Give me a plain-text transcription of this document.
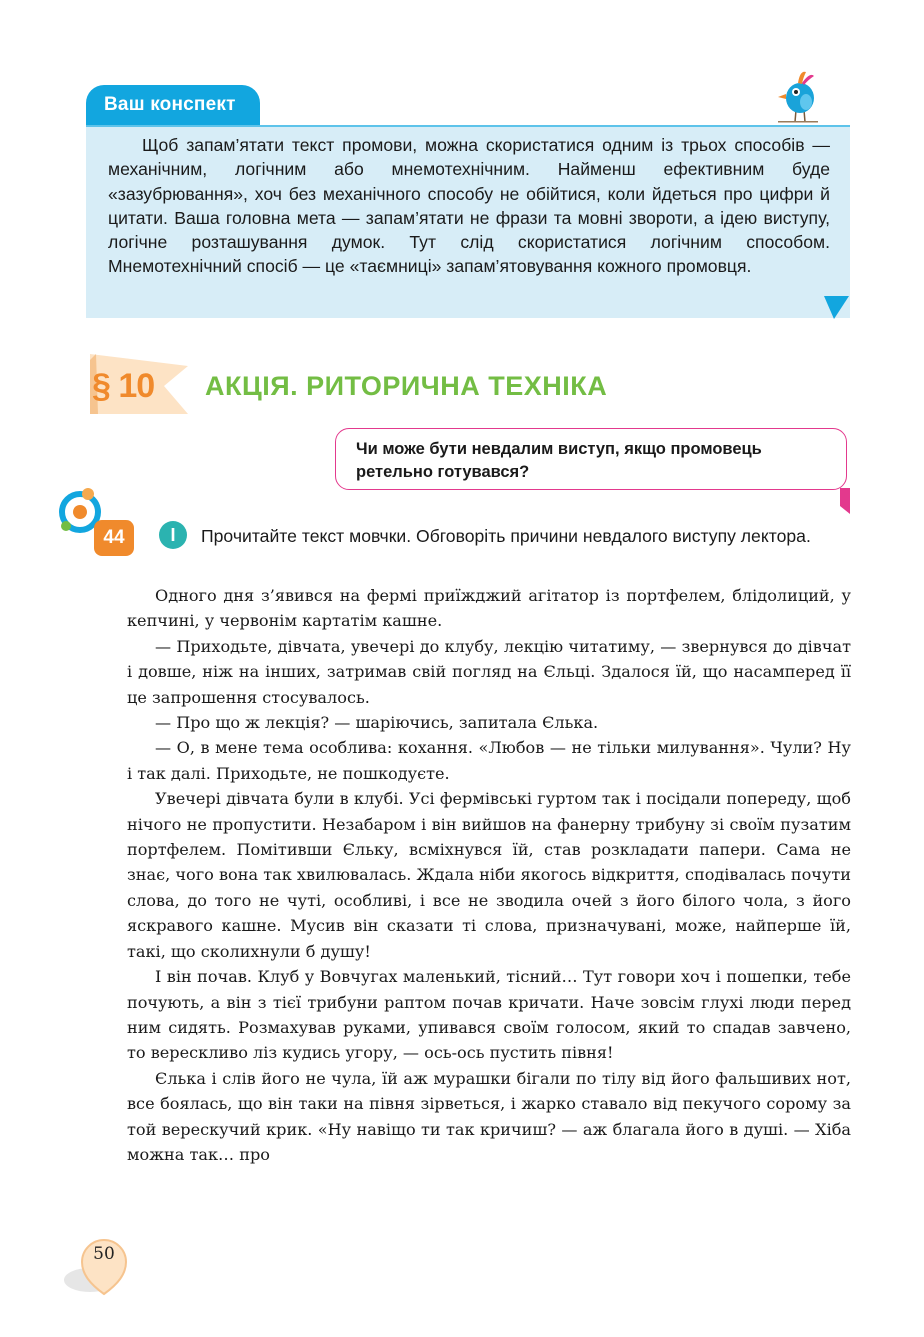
Ваш конспект

Щоб запам’ятати текст промови, можна скористатися одним із трьох способів — механічним, логічним або мнемотехнічним. Найменш ефективним буде «зазубрювання», хоч без механічного способу не обійтися, коли йдеться про цифри й цитати. Ваша головна мета — запам’ятати не фрази та мовні звороти, а ідею виступу, логічне розташування думок. Тут слід скористатися логічним способом. Мнемотехнічний спосіб — це «таємниці» запам’ятовування кожного промовця.

§ 10 АКЦІЯ. РИТОРИЧНА ТЕХНІКА

Чи може бути невдалим виступ, якщо промовець ретельно готувався?

44	І	Прочитайте текст мовчки. Обговоріть причини невдалого виступу лектора.

Одного дня з’явився на фермі приїжджий агітатор із портфелем, блідолиций, у кепчині, у червонім картатім кашне.

— Приходьте, дівчата, увечері до клубу, лекцію читатиму, — звернувся до дівчат і довше, ніж на інших, затримав свій погляд на Єльці. Здалося їй, що насамперед її це запрошення стосувалось.

— Про що ж лекція? — шаріючись, запитала Єлька.

— О, в мене тема особлива: кохання. «Любов — не тільки милування». Чули? Ну і так далі. Приходьте, не пошкодуєте.

Увечері дівчата були в клубі. Усі фермівські гуртом так і посідали попереду, щоб нічого не пропустити. Незабаром і він вийшов на фанерну трибуну зі своїм пузатим портфелем. Помітивши Єльку, всміхнувся їй, став розкладати папери. Сама не знає, чого вона так хвилювалась. Ждала ніби якогось відкриття, сподівалась почути слова, до того не чуті, особливі, і все не зводила очей з його білого чола, з його яскравого кашне. Мусив він сказати ті слова, призначувані, може, найперше їй, такі, що сколихнули б душу!

І він почав. Клуб у Вовчугах маленький, тісний… Тут говори хоч і пошепки, тебе почують, а він з тієї трибуни раптом почав кричати. Наче зовсім глухі люди перед ним сидять. Розмахував руками, упивався своїм голосом, який то спадав завчено, то верескливо ліз кудись угору, — ось-ось пустить півня!

Єлька і слів його не чула, їй аж мурашки бігали по тілу від його фальшивих нот, все боялась, що він таки на півня зірветься, і жарко ставало від пекучого сорому за той верескучий крик. «Ну навіщо ти так кричиш? — аж благала його в душі. — Хіба можна так… про

50
